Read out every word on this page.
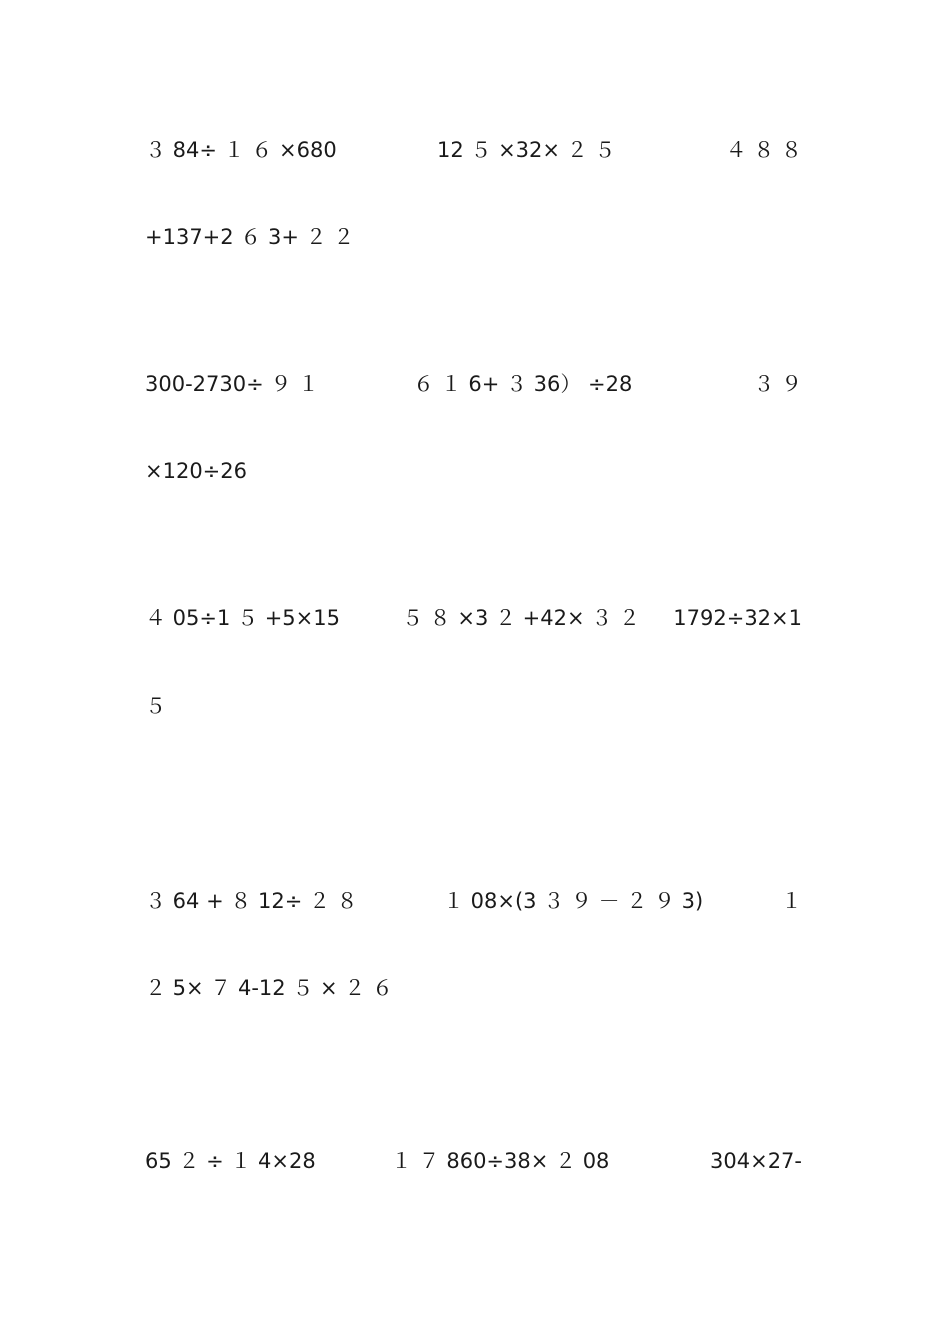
３ 84÷ １ ６ ×680	12 ５ ×32× ２ ５	４ ８ ８
+137+2 ６ 3+ ２ ２
300-2730÷ ９ １	６ １ 6+ ３ 36） ÷28	３ ９
×120÷26
４ 05÷1 ５ +5×15	５ ８ ×3 ２ +42× ３ ２ 1792÷32×1
５
３ 64 + ８ 12÷ ２ ８	１ 08×(3 ３ ９ － ２ ９ 3)	１
２ 5× ７ 4-12 ５ × ２ ６
65 ２ ÷ １ 4×28	１ ７ 860÷38× ２ 08	304×27-
